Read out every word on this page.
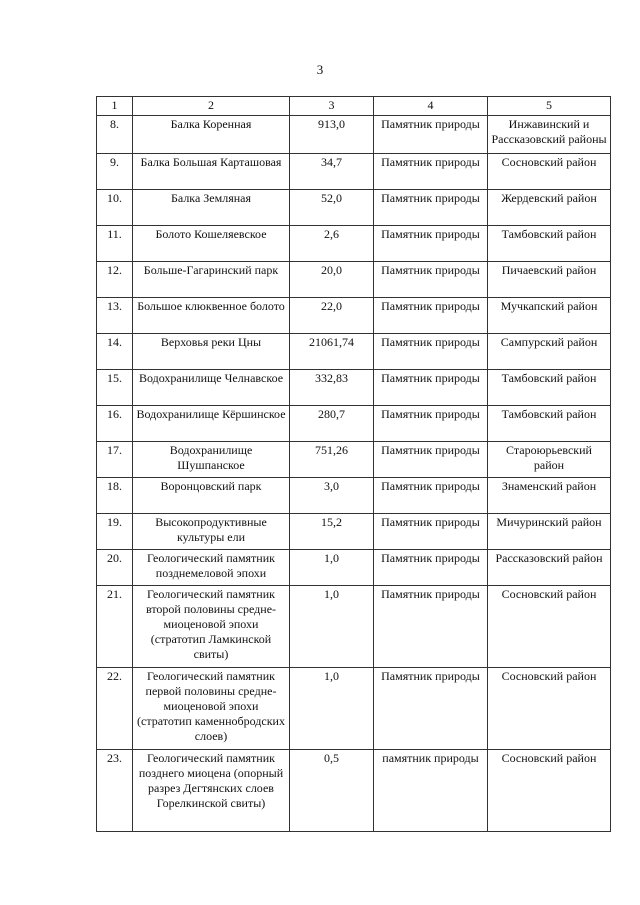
3
1	2	3	4	5
8.	Балка Коренная	913,0	Памятник природы	Инжавинский и Рассказовский районы
9.	Балка Большая Карташовая	34,7	Памятник природы	Сосновский район
10.	Балка Земляная	52,0	Памятник природы	Жердевский район
11.	Болото Кошеляевское	2,6	Памятник природы	Тамбовский район
12.	Больше-Гагаринский парк	20,0	Памятник природы	Пичаевский район
13.	Большое клюквенное болото	22,0	Памятник природы	Мучкапский район
14.	Верховья реки Цны	21061,74	Памятник природы	Сампурский район
15.	Водохранилище Челнавское	332,83	Памятник природы	Тамбовский район
16.	Водохранилище Кёршинское	280,7	Памятник природы	Тамбовский район
17.	Водохранилище Шушпанское	751,26	Памятник природы	Староюрьевский район
18.	Воронцовский парк	3,0	Памятник природы	Знаменский район
19.	Высокопродуктивные культуры ели	15,2	Памятник природы	Мичуринский район
20.	Геологический памятник позднемеловой эпохи	1,0	Памятник природы	Рассказовский район
21.	Геологический памятник второй половины средне-миоценовой эпохи (стратотип Ламкинской свиты)	1,0	Памятник природы	Сосновский район
22.	Геологический памятник первой половины средне-миоценовой эпохи (стратотип каменнобродских слоев)	1,0	Памятник природы	Сосновский район
23.	Геологический памятник позднего миоцена (опорный разрез Дегтянских слоев Горелкинской свиты)	0,5	памятник природы	Сосновский район
